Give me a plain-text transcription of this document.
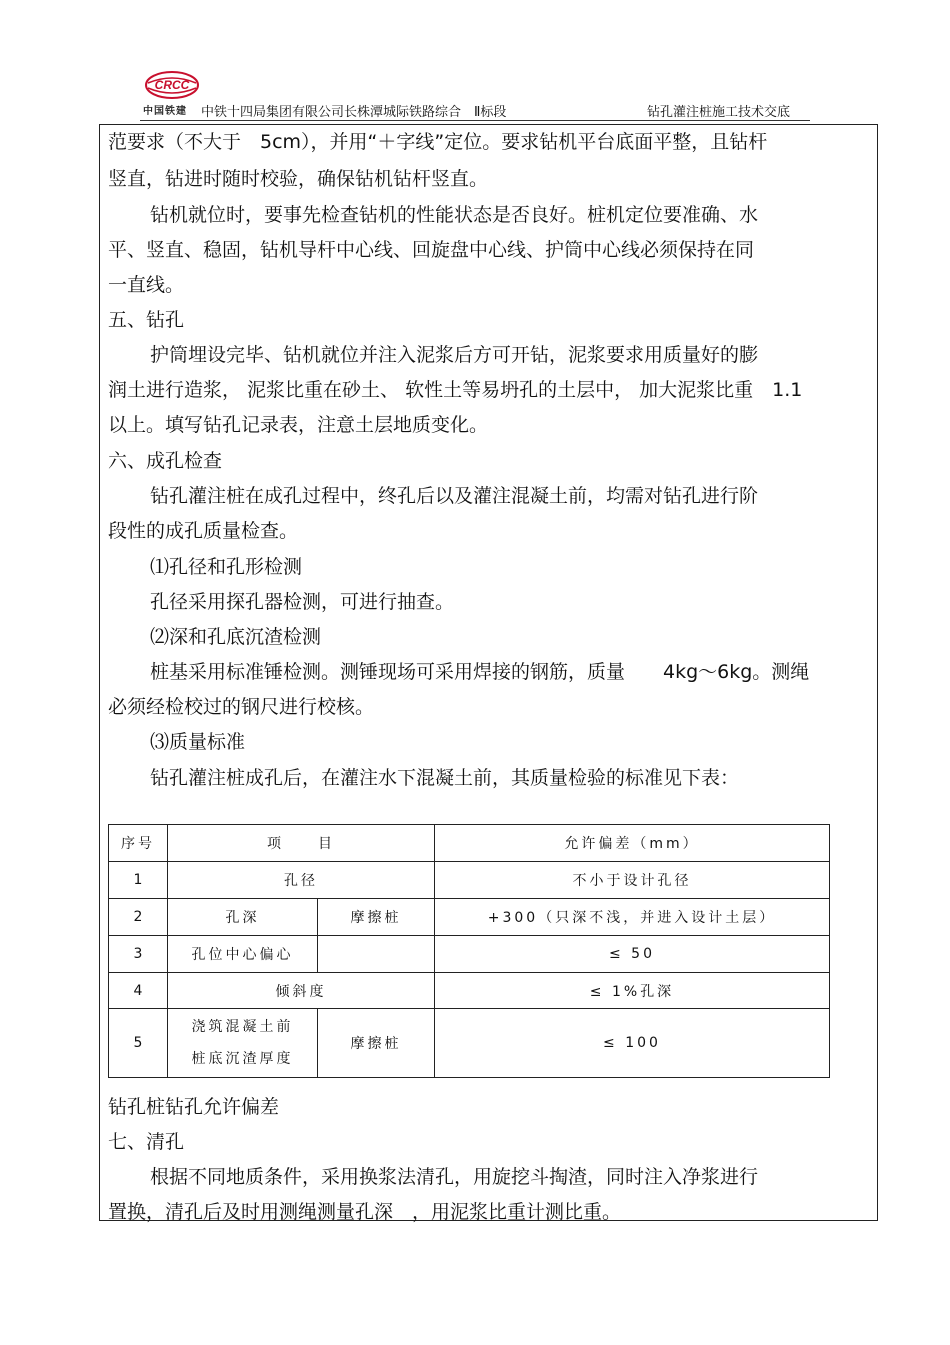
CRCC
中国铁建 中铁十四局集团有限公司长株潭城际铁路综合　Ⅱ标段	钻孔灌注桩施工技术交底
范要求（不大于　5cm），并用“＋字线”定位。要求钻机平台底面平整，且钻杆
竖直，钻进时随时校验，确保钻机钻杆竖直。
钻机就位时，要事先检查钻机的性能状态是否良好。桩机定位要准确、水
平、竖直、稳固，钻机导杆中心线、回旋盘中心线、护筒中心线必须保持在同
一直线。
五、钻孔
护筒埋设完毕、钻机就位并注入泥浆后方可开钻，泥浆要求用质量好的膨
润土进行造浆， 泥浆比重在砂土、 软性土等易坍孔的土层中， 加大泥浆比重　1.1
以上。填写钻孔记录表，注意土层地质变化。
六、成孔检查
钻孔灌注桩在成孔过程中，终孔后以及灌注混凝土前，均需对钻孔进行阶
段性的成孔质量检查。
⑴孔径和孔形检测
孔径采用探孔器检测，可进行抽查。
⑵深和孔底沉渣检测
桩基采用标准锤检测。测锤现场可采用焊接的钢筋，质量　　4kg～6kg。测绳
必须经检校过的钢尺进行校核。
⑶质量标准
钻孔灌注桩成孔后，在灌注水下混凝土前，其质量检验的标准见下表：
序号	项　　目		允许偏差（mm）
1	孔径		不小于设计孔径
2	孔深	摩擦桩	+300（只深不浅，并进入设计土层）
3	孔位中心偏心		≤ 50
4	倾斜度		≤ 1%孔深
5	浇筑混凝土前
桩底沉渣厚度	摩擦桩	≤ 100
钻孔桩钻孔允许偏差
七、清孔
根据不同地质条件，采用换浆法清孔，用旋挖斗掏渣，同时注入净浆进行
置换，清孔后及时用测绳测量孔深　，用泥浆比重计测比重。
